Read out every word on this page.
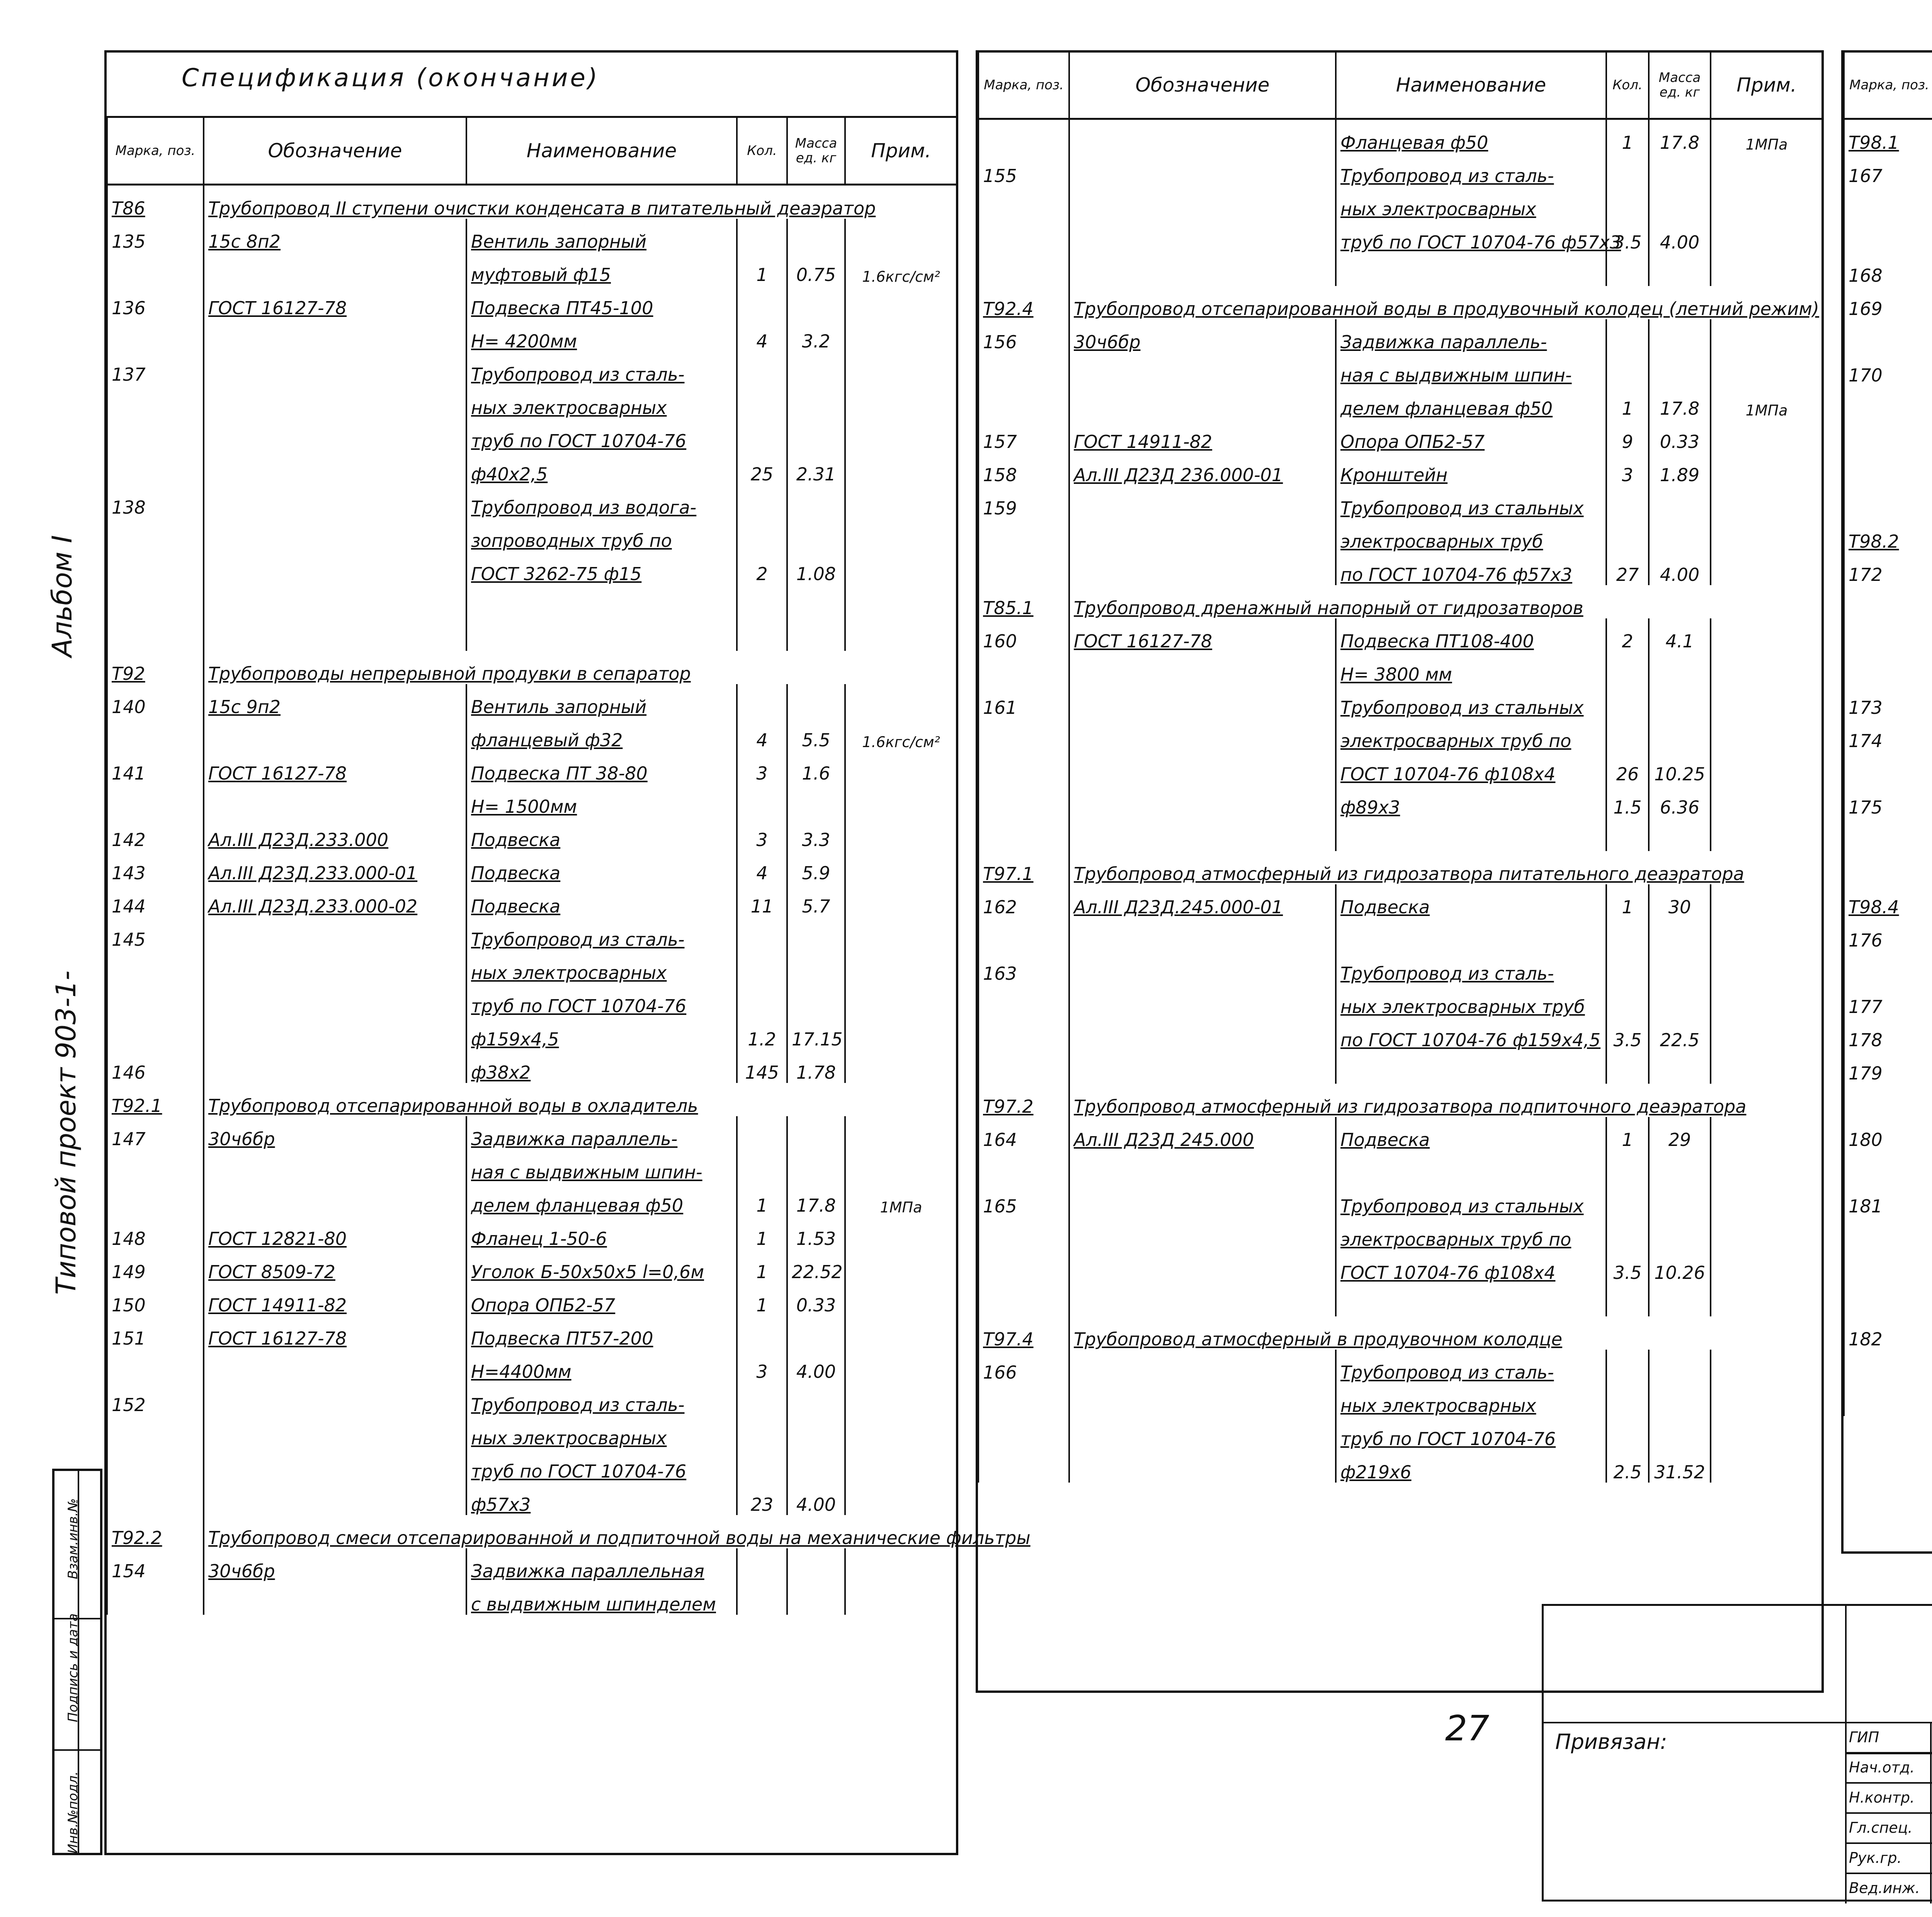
Альбом I
Типовой проект 903-1-
Инв.№подл.
Подпись и дата
Взам.инв.№
Спецификация (окончание)
Марка, поз.	Обозначение	Наименование	Кол.	Масса ед. кг	Прим.
Т86	Трубопровод II ступени очистки конденсата в питательный деаэратор				
135	15с 8п2	Вентиль запорный			
		муфтовый ф15	1	0.75	1.6кгс/см²
136	ГОСТ 16127-78	Подвеска ПТ45-100			
		Н= 4200мм	4	3.2	
137		Трубопровод из сталь-			
		ных электросварных			
		труб по ГОСТ 10704-76			
		ф40х2,5	25	2.31	
138		Трубопровод из водога-			
		зопроводных труб по			
		ГОСТ 3262-75 ф15	2	1.08	

Т92	Трубопроводы непрерывной продувки в сепаратор				
140	15с 9п2	Вентиль запорный			
		фланцевый ф32	4	5.5	1.6кгс/см²
141	ГОСТ 16127-78	Подвеска ПТ 38-80	3	1.6	
		Н= 1500мм			
142	Ал.III Д23Д.233.000	Подвеска	3	3.3	
143	Ал.III Д23Д.233.000-01	Подвеска	4	5.9	
144	Ал.III Д23Д.233.000-02	Подвеска	11	5.7	
145		Трубопровод из сталь-			
		ных электросварных			
		труб по ГОСТ 10704-76			
		ф159х4,5	1.2	17.15	
146		ф38х2	145	1.78	
Т92.1	Трубопровод отсепарированной воды в охладитель				
147	30ч6бр	Задвижка параллель-			
		ная с выдвижным шпин-			
		делем фланцевая ф50	1	17.8	1МПа
148	ГОСТ 12821-80	Фланец 1-50-6	1	1.53	
149	ГОСТ 8509-72	Уголок Б-50х50х5 l=0,6м	1	22.52	
150	ГОСТ 14911-82	Опора ОПБ2-57	1	0.33	
151	ГОСТ 16127-78	Подвеска ПТ57-200			
		Н=4400мм	3	4.00	
152		Трубопровод из сталь-			
		ных электросварных			
		труб по ГОСТ 10704-76			
		ф57х3	23	4.00	
Т92.2	Трубопровод смеси отсепарированной и подпиточной воды на механические фильтры				
154	30ч6бр	Задвижка параллельная			
		с выдвижным шпинделем			
Марка, поз.	Обозначение	Наименование	Кол.	Масса ед. кг	Прим.
		Фланцевая ф50	1	17.8	1МПа
155		Трубопровод из сталь-			
		ных электросварных			
		труб по ГОСТ 10704-76 ф57х3	3.5	4.00	

Т92.4	Трубопровод отсепарированной воды в продувочный колодец (летний режим)				
156	30ч6бр	Задвижка параллель-			
		ная с выдвижным шпин-			
		делем фланцевая ф50	1	17.8	1МПа
157	ГОСТ 14911-82	Опора ОПБ2-57	9	0.33	
158	Ал.III Д23Д 236.000-01	Кронштейн	3	1.89	
159		Трубопровод из стальных			
		электросварных труб			
		по ГОСТ 10704-76 ф57х3	27	4.00	
Т85.1	Трубопровод дренажный напорный от гидрозатворов				
160	ГОСТ 16127-78	Подвеска ПТ108-400	2	4.1	
		Н= 3800 мм			
161		Трубопровод из стальных			
		электросварных труб по			
		ГОСТ 10704-76 ф108х4	26	10.25	
		ф89х3	1.5	6.36	

Т97.1	Трубопровод атмосферный из гидрозатвора питательного деаэратора				
162	Ал.III Д23Д.245.000-01	Подвеска	1	30	

163		Трубопровод из сталь-			
		ных электросварных труб			
		по ГОСТ 10704-76 ф159х4,5	3.5	22.5	

Т97.2	Трубопровод атмосферный из гидрозатвора подпиточного деаэратора				
164	Ал.III Д23Д 245.000	Подвеска	1	29	

165		Трубопровод из стальных			
		электросварных труб по			
		ГОСТ 10704-76 ф108х4	3.5	10.26	

Т97.4	Трубопровод атмосферный в продувочном колодце				
166		Трубопровод из сталь-			
		ных электросварных			
		труб по ГОСТ 10704-76			
		ф219х6	2.5	31.52	
Марка, поз.					
Т98.1	
167					

168					
169					

170					

Т98.2	
172					

173					
174					

175					

Т98.4	
176					

177					
178					
179					

180					

181					

182					

27	Привязан:	ГИП
Нач.отд.
Н.контр.
Гл.спец.
Рук.гр.
Вед.инж.
